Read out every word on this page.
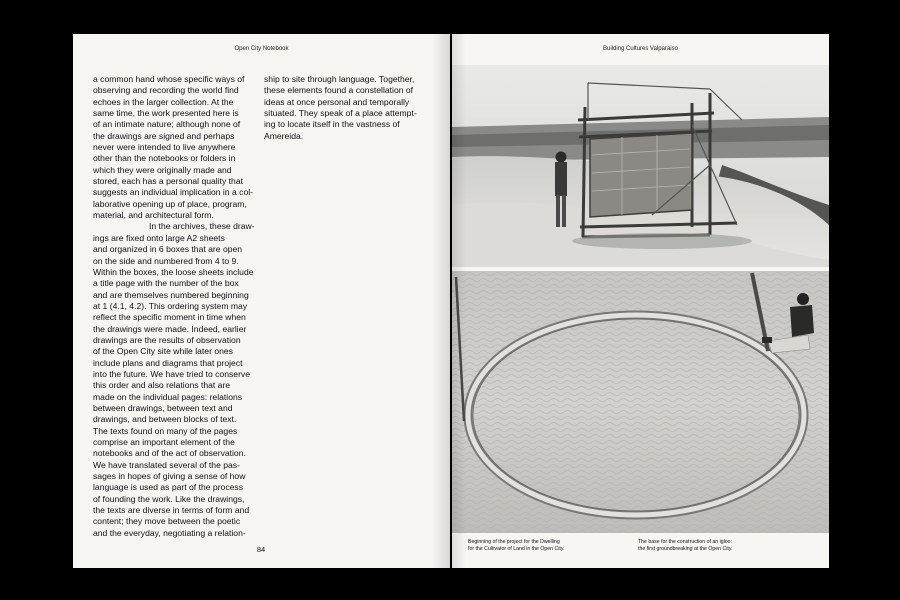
Open City Notebook

a common hand whose specific ways of
observing and recording the world find
echoes in the larger collection. At the
same time, the work presented here is
of an intimate nature; although none of
the drawings are signed and perhaps
never were intended to live anywhere
other than the notebooks or folders in
which they were originally made and
stored, each has a personal quality that
suggests an individual implication in a col-
laborative opening up of place, program,
material, and architectural form.
In the archives, these draw-
ings are fixed onto large A2 sheets
and organized in 6 boxes that are open
on the side and numbered from 4 to 9.
Within the boxes, the loose sheets include
a title page with the number of the box
and are themselves numbered beginning
at 1 (4.1, 4.2). This ordering system may
reflect the specific moment in time when
the drawings were made. Indeed, earlier
drawings are the results of observation
of the Open City site while later ones
include plans and diagrams that project
into the future. We have tried to conserve
this order and also relations that are
made on the individual pages: relations
between drawings, between text and
drawings, and between blocks of text.
The texts found on many of the pages
comprise an important element of the
notebooks and of the act of observation.
We have translated several of the pas-
sages in hopes of giving a sense of how
language is used as part of the process
of founding the work. Like the drawings,
the texts are diverse in terms of form and
content; they move between the poetic
and the everyday, negotiating a relation-

ship to site through language. Together,
these elements found a constellation of
ideas at once personal and temporally
situated. They speak of a place attempt-
ing to locate itself in the vastness of
Amereida.

84
Building Cultures Valparaiso

Beginning of the project for the Dwelling
for the Cultivator of Land in the Open City.

The base for the construction of an igloo:
the first groundbreaking at the Open City.
